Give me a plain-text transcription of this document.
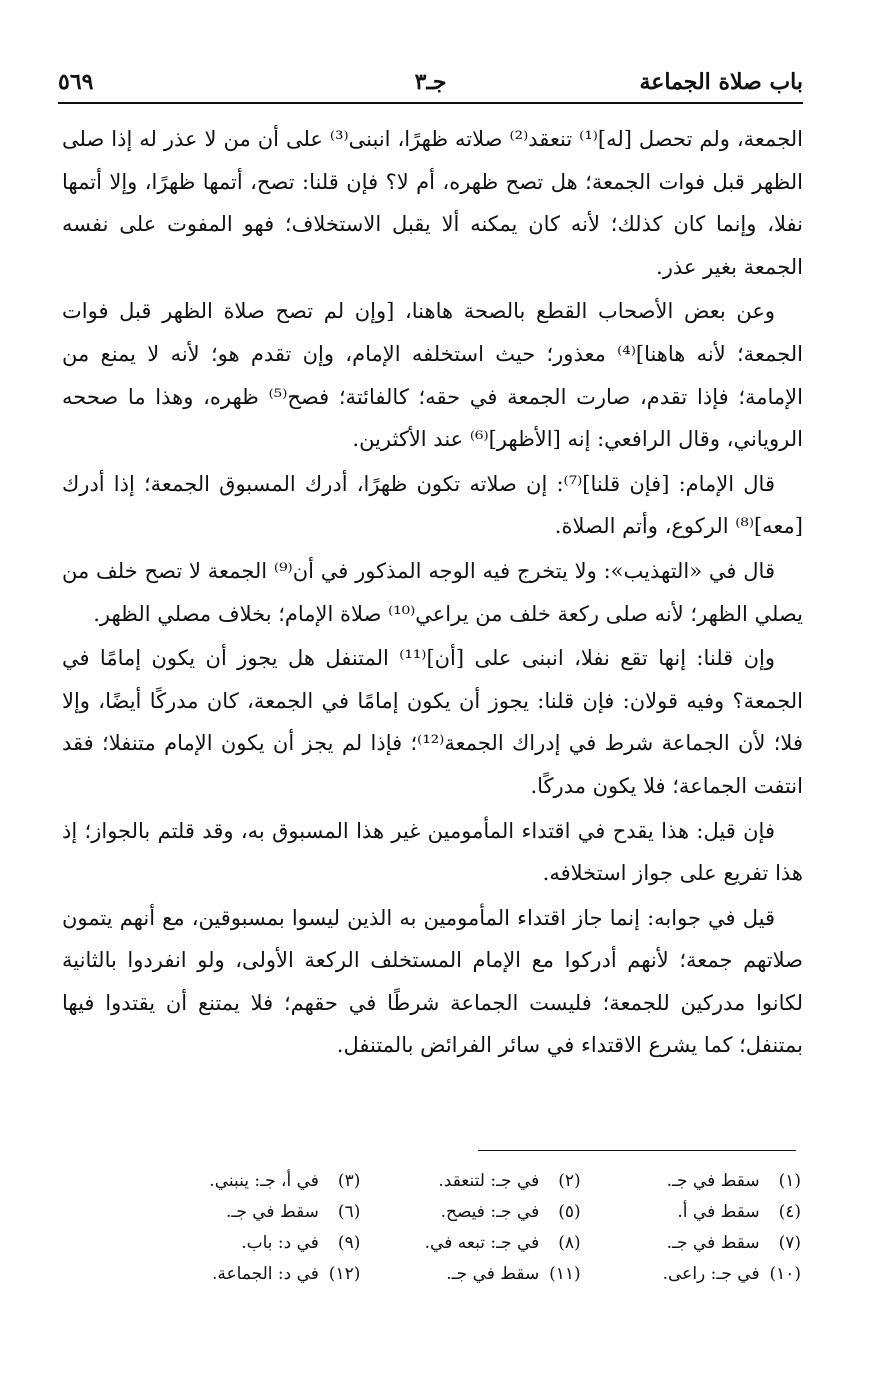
باب صلاة الجماعة
جـ٣
٥٦٩

الجمعة، ولم تحصل [له]⁽¹⁾ تنعقد⁽²⁾ صلاته ظهرًا، انبنى⁽³⁾ على أن من لا عذر له إذا صلى الظهر قبل فوات الجمعة؛ هل تصح ظهره، أم لا؟ فإن قلنا: تصح، أتمها ظهرًا، وإلا أتمها نفلا، وإنما كان كذلك؛ لأنه كان يمكنه ألا يقبل الاستخلاف؛ فهو المفوت على نفسه الجمعة بغير عذر.

وعن بعض الأصحاب القطع بالصحة هاهنا، [وإن لم تصح صلاة الظهر قبل فوات الجمعة؛ لأنه هاهنا]⁽⁴⁾ معذور؛ حيث استخلفه الإمام، وإن تقدم هو؛ لأنه لا يمنع من الإمامة؛ فإذا تقدم، صارت الجمعة في حقه؛ كالفائتة؛ فصح⁽⁵⁾ ظهره، وهذا ما صححه الروياني، وقال الرافعي: إنه [الأظهر]⁽⁶⁾ عند الأكثرين.

قال الإمام: [فإن قلنا]⁽⁷⁾: إن صلاته تكون ظهرًا، أدرك المسبوق الجمعة؛ إذا أدرك [معه]⁽⁸⁾ الركوع، وأتم الصلاة.

قال في «التهذيب»: ولا يتخرج فيه الوجه المذكور في أن⁽⁹⁾ الجمعة لا تصح خلف من يصلي الظهر؛ لأنه صلى ركعة خلف من يراعي⁽¹⁰⁾ صلاة الإمام؛ بخلاف مصلي الظهر.

وإن قلنا: إنها تقع نفلا، انبنى على [أن]⁽¹¹⁾ المتنفل هل يجوز أن يكون إمامًا في الجمعة؟ وفيه قولان: فإن قلنا: يجوز أن يكون إمامًا في الجمعة، كان مدركًا أيضًا، وإلا فلا؛ لأن الجماعة شرط في إدراك الجمعة⁽¹²⁾؛ فإذا لم يجز أن يكون الإمام متنفلا؛ فقد انتفت الجماعة؛ فلا يكون مدركًا.

فإن قيل: هذا يقدح في اقتداء المأمومين غير هذا المسبوق به، وقد قلتم بالجواز؛ إذ هذا تفريع على جواز استخلافه.

قيل في جوابه: إنما جاز اقتداء المأمومين به الذين ليسوا بمسبوقين، مع أنهم يتمون صلاتهم جمعة؛ لأنهم أدركوا مع الإمام المستخلف الركعة الأولى، ولو انفردوا بالثانية لكانوا مدركين للجمعة؛ فليست الجماعة شرطًا في حقهم؛ فلا يمتنع أن يقتدوا فيها بمتنفل؛ كما يشرع الاقتداء في سائر الفرائض بالمتنفل.

(١) سقط في جـ.
(٢) في جـ: لتنعقد.
(٣) في أ، جـ: ينبني.
(٤) سقط في أ.
(٥) في جـ: فيصح.
(٦) سقط في جـ.
(٧) سقط في جـ.
(٨) في جـ: تبعه في.
(٩) في د: باب.
(١٠) في جـ: راعى.
(١١) سقط في جـ.
(١٢) في د: الجماعة.
